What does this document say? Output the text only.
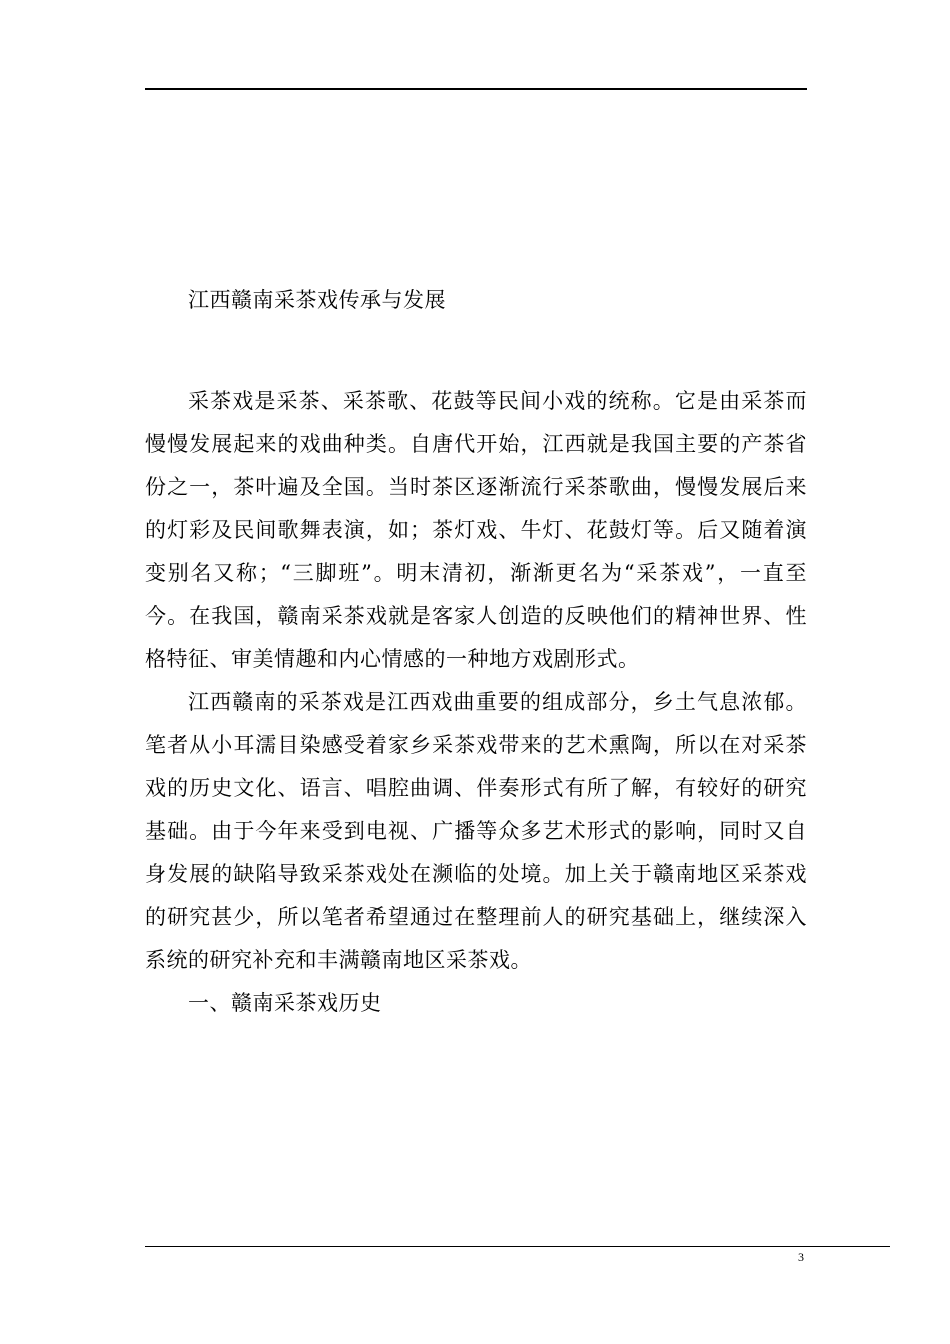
江西赣南采茶戏传承与发展

采茶戏是采茶、采茶歌、花鼓等民间小戏的统称。它是由采茶而慢慢发展起来的戏曲种类。自唐代开始，江西就是我国主要的产茶省份之一，茶叶遍及全国。当时茶区逐渐流行采茶歌曲，慢慢发展后来的灯彩及民间歌舞表演，如；茶灯戏、牛灯、花鼓灯等。后又随着演变别名又称；“三脚班”。明末清初，渐渐更名为“采茶戏”，一直至今。在我国，赣南采茶戏就是客家人创造的反映他们的精神世界、性格特征、审美情趣和内心情感的一种地方戏剧形式。

江西赣南的采茶戏是江西戏曲重要的组成部分，乡土气息浓郁。笔者从小耳濡目染感受着家乡采茶戏带来的艺术熏陶，所以在对采茶戏的历史文化、语言、唱腔曲调、伴奏形式有所了解，有较好的研究基础。由于今年来受到电视、广播等众多艺术形式的影响，同时又自身发展的缺陷导致采茶戏处在濒临的处境。加上关于赣南地区采茶戏的研究甚少，所以笔者希望通过在整理前人的研究基础上，继续深入系统的研究补充和丰满赣南地区采茶戏。

一、赣南采茶戏历史

3
